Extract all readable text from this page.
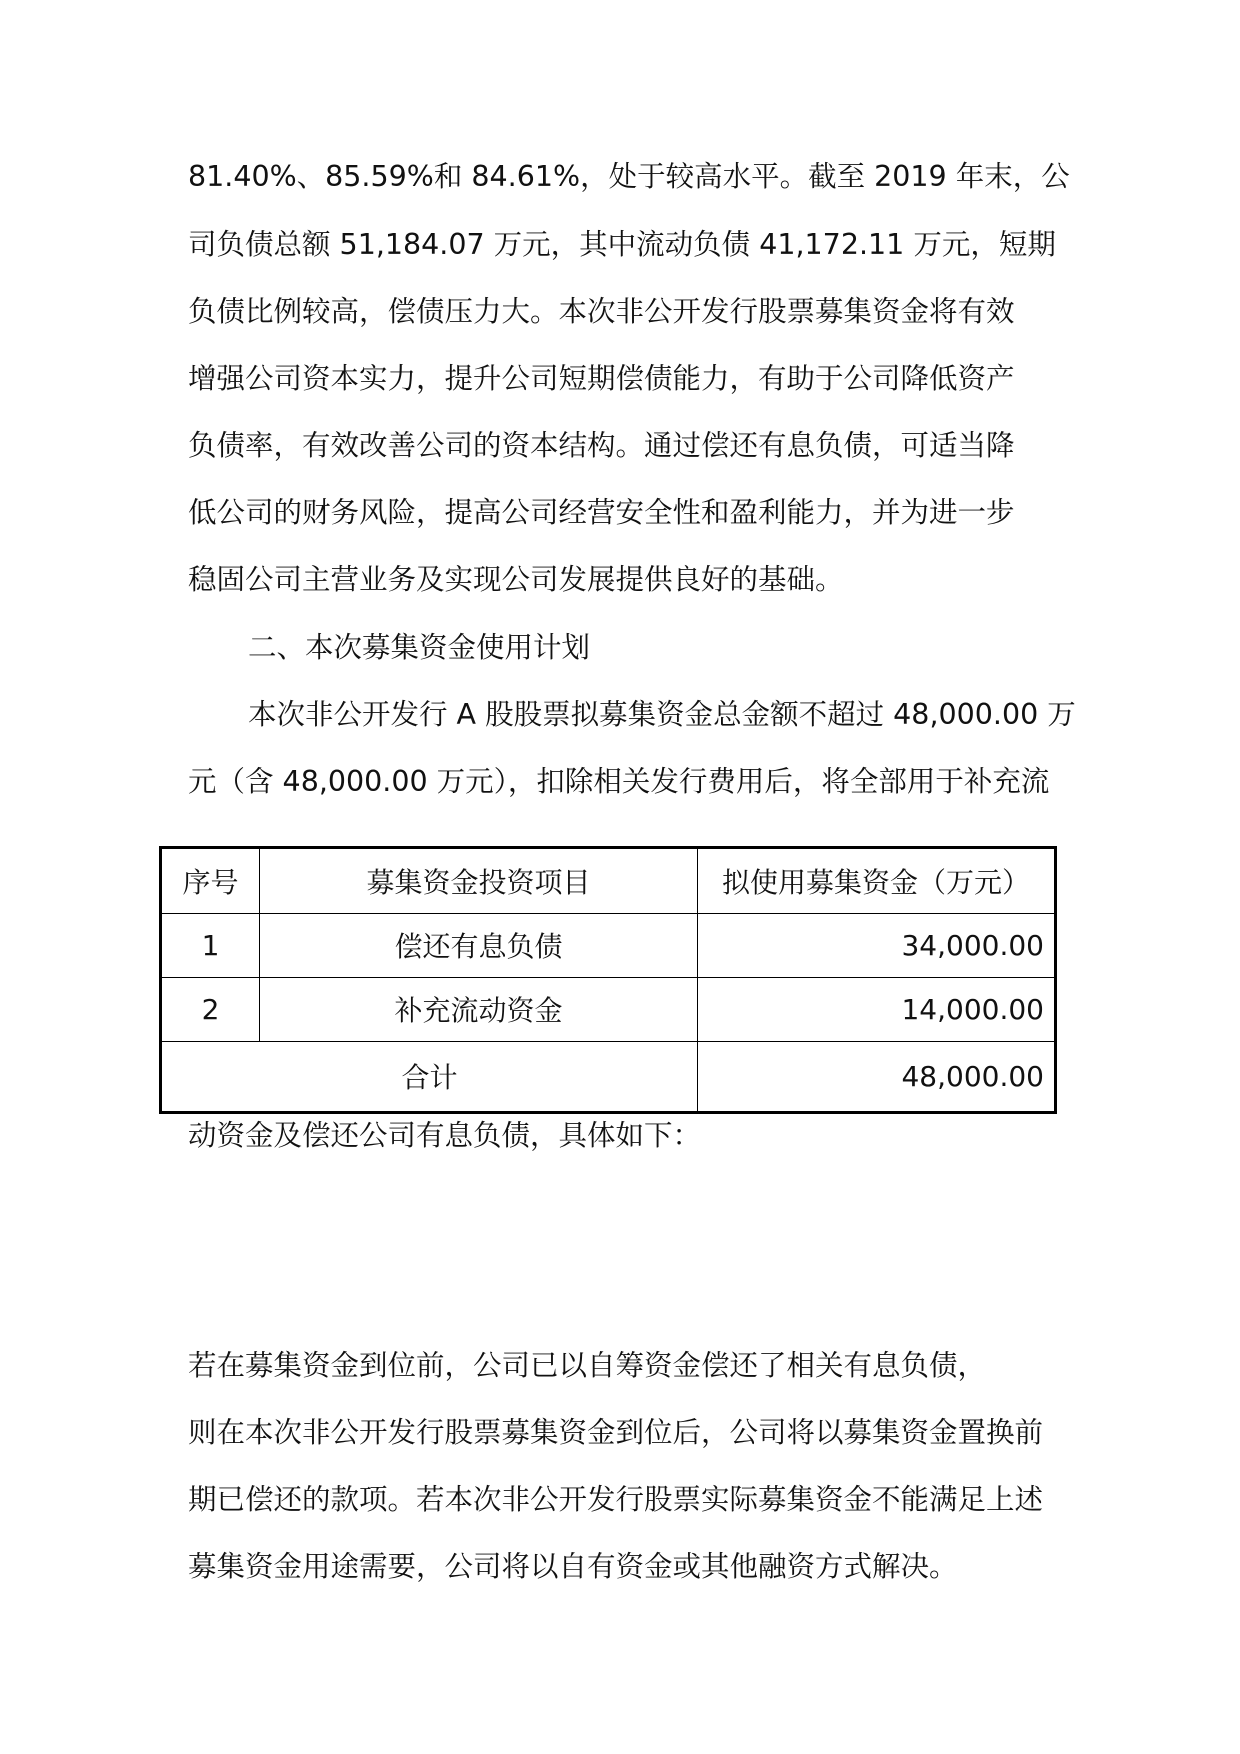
81.40%、85.59%和 84.61%，处于较高水平。截至 2019 年末，公
司负债总额 51,184.07 万元，其中流动负债 41,172.11 万元，短期
负债比例较高，偿债压力大。本次非公开发行股票募集资金将有效
增强公司资本实力，提升公司短期偿债能力，有助于公司降低资产
负债率，有效改善公司的资本结构。通过偿还有息负债，可适当降
低公司的财务风险，提高公司经营安全性和盈利能力，并为进一步
稳固公司主营业务及实现公司发展提供良好的基础。
二、本次募集资金使用计划
本次非公开发行 A 股股票拟募集资金总金额不超过 48,000.00 万
元（含 48,000.00 万元），扣除相关发行费用后，将全部用于补充流
序号	募集资金投资项目	拟使用募集资金（万元）
1	偿还有息负债	34,000.00
2	补充流动资金	14,000.00
合计		48,000.00
动资金及偿还公司有息负债，具体如下：
若在募集资金到位前，公司已以自筹资金偿还了相关有息负债，
则在本次非公开发行股票募集资金到位后，公司将以募集资金置换前
期已偿还的款项。若本次非公开发行股票实际募集资金不能满足上述
募集资金用途需要，公司将以自有资金或其他融资方式解决。
